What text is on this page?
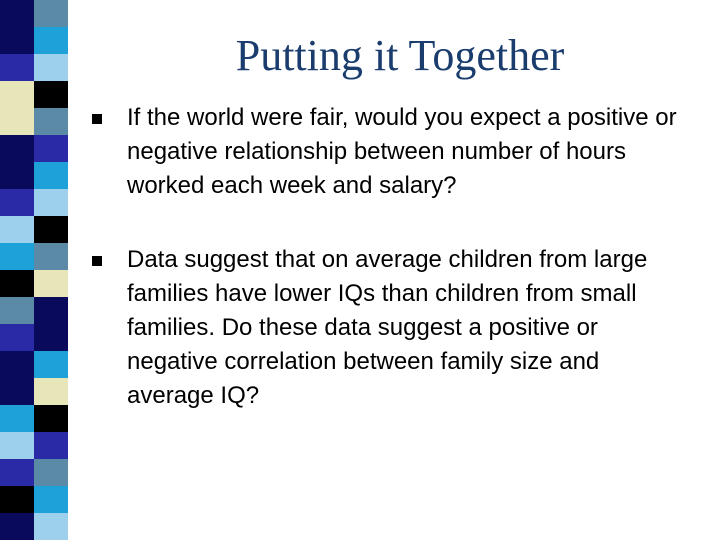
Putting it Together
If the world were fair, would you expect a positive or negative relationship between number of hours worked each week and salary?
Data suggest that on average children from large families have lower IQs than children from small families. Do these data suggest a positive or negative correlation between family size and average IQ?
